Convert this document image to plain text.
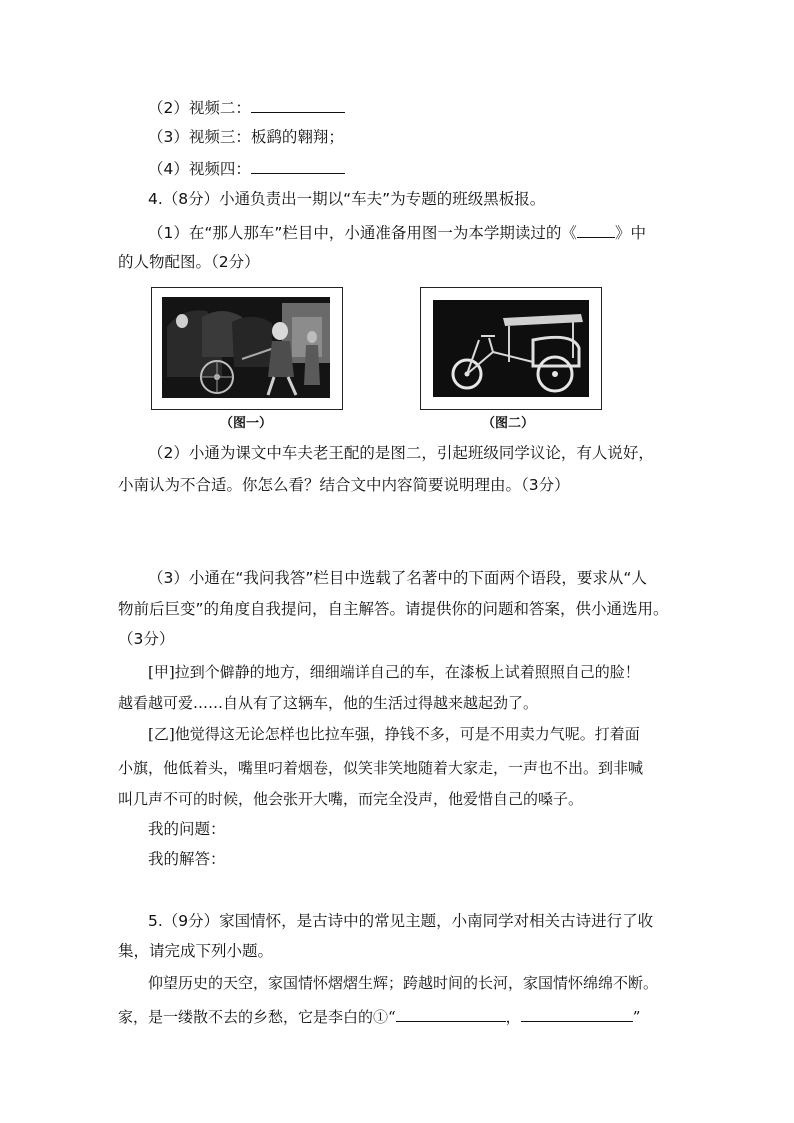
（2）视频二：
（3）视频三：板鹞的翱翔；
（4）视频四：
4.（8分）小通负责出一期以“车夫”为专题的班级黑板报。
（1）在“那人那车”栏目中，小通准备用图一为本学期读过的《 》中
的人物配图。（2分）
（图一）	（图二）
（2）小通为课文中车夫老王配的是图二，引起班级同学议论，有人说好，
小南认为不合适。你怎么看？结合文中内容简要说明理由。（3分）
（3）小通在“我问我答”栏目中选载了名著中的下面两个语段，要求从“人
物前后巨变”的角度自我提问，自主解答。请提供你的问题和答案，供小通选用。
（3分）
[甲]拉到个僻静的地方，细细端详自己的车，在漆板上试着照照自己的脸！
越看越可爱……自从有了这辆车，他的生活过得越来越起劲了。
[乙]他觉得这无论怎样也比拉车强，挣钱不多，可是不用卖力气呢。打着面
小旗，他低着头，嘴里叼着烟卷，似笑非笑地随着大家走，一声也不出。到非喊
叫几声不可的时候，他会张开大嘴，而完全没声，他爱惜自己的嗓子。
我的问题：
我的解答：
5.（9分）家国情怀，是古诗中的常见主题，小南同学对相关古诗进行了收
集，请完成下列小题。
仰望历史的天空，家国情怀熠熠生辉；跨越时间的长河，家国情怀绵绵不断。
家，是一缕散不去的乡愁，它是李白的①“	，	”
